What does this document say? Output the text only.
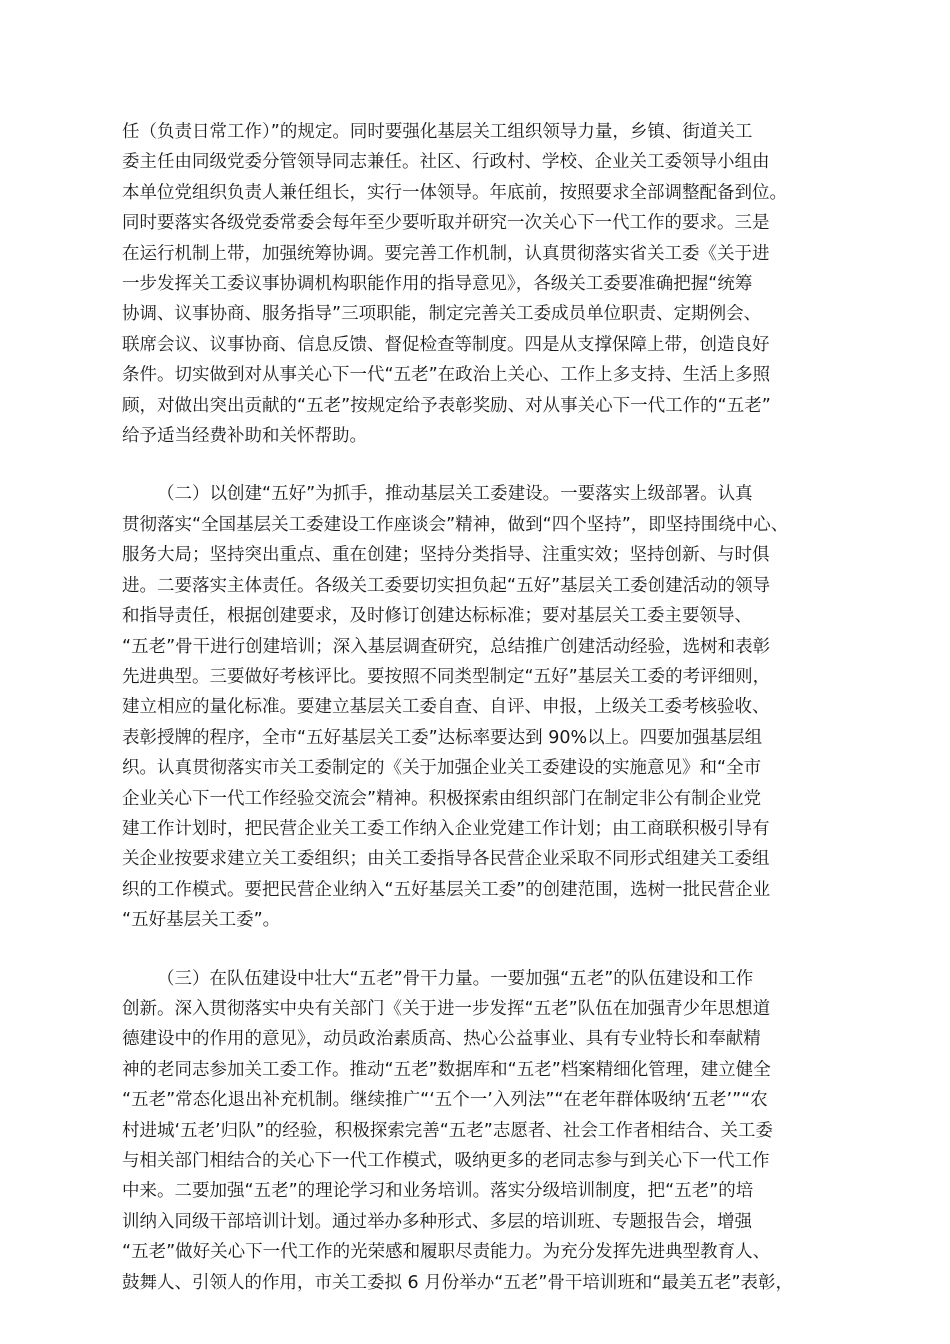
任（负责日常工作）”的规定。同时要强化基层关工组织领导力量，乡镇、街道关工
委主任由同级党委分管领导同志兼任。社区、行政村、学校、企业关工委领导小组由
本单位党组织负责人兼任组长，实行一体领导。年底前，按照要求全部调整配备到位。
同时要落实各级党委常委会每年至少要听取并研究一次关心下一代工作的要求。三是
在运行机制上带，加强统筹协调。要完善工作机制，认真贯彻落实省关工委《关于进
一步发挥关工委议事协调机构职能作用的指导意见》，各级关工委要准确把握“统筹
协调、议事协商、服务指导”三项职能，制定完善关工委成员单位职责、定期例会、
联席会议、议事协商、信息反馈、督促检查等制度。四是从支撑保障上带，创造良好
条件。切实做到对从事关心下一代“五老”在政治上关心、工作上多支持、生活上多照
顾，对做出突出贡献的“五老”按规定给予表彰奖励、对从事关心下一代工作的“五老”
给予适当经费补助和关怀帮助。
（二）以创建“五好”为抓手，推动基层关工委建设。一要落实上级部署。认真
贯彻落实“全国基层关工委建设工作座谈会”精神，做到“四个坚持”，即坚持围绕中心、
服务大局；坚持突出重点、重在创建；坚持分类指导、注重实效；坚持创新、与时俱
进。二要落实主体责任。各级关工委要切实担负起“五好”基层关工委创建活动的领导
和指导责任，根据创建要求，及时修订创建达标标准；要对基层关工委主要领导、
“五老”骨干进行创建培训；深入基层调查研究，总结推广创建活动经验，选树和表彰
先进典型。三要做好考核评比。要按照不同类型制定“五好”基层关工委的考评细则，
建立相应的量化标准。要建立基层关工委自查、自评、申报，上级关工委考核验收、
表彰授牌的程序，全市“五好基层关工委”达标率要达到 90%以上。四要加强基层组
织。认真贯彻落实市关工委制定的《关于加强企业关工委建设的实施意见》和“全市
企业关心下一代工作经验交流会”精神。积极探索由组织部门在制定非公有制企业党
建工作计划时，把民营企业关工委工作纳入企业党建工作计划；由工商联积极引导有
关企业按要求建立关工委组织；由关工委指导各民营企业采取不同形式组建关工委组
织的工作模式。要把民营企业纳入“五好基层关工委”的创建范围，选树一批民营企业
“五好基层关工委”。
（三）在队伍建设中壮大“五老”骨干力量。一要加强“五老”的队伍建设和工作
创新。深入贯彻落实中央有关部门《关于进一步发挥“五老”队伍在加强青少年思想道
德建设中的作用的意见》，动员政治素质高、热心公益事业、具有专业特长和奉献精
神的老同志参加关工委工作。推动“五老”数据库和“五老”档案精细化管理，建立健全
“五老”常态化退出补充机制。继续推广“‘五个一’入列法”“在老年群体吸纳‘五老’”“农
村进城‘五老’归队”的经验，积极探索完善“五老”志愿者、社会工作者相结合、关工委
与相关部门相结合的关心下一代工作模式，吸纳更多的老同志参与到关心下一代工作
中来。二要加强“五老”的理论学习和业务培训。落实分级培训制度，把“五老”的培
训纳入同级干部培训计划。通过举办多种形式、多层的培训班、专题报告会，增强
“五老”做好关心下一代工作的光荣感和履职尽责能力。为充分发挥先进典型教育人、
鼓舞人、引领人的作用，市关工委拟 6 月份举办“五老”骨干培训班和“最美五老”表彰，
